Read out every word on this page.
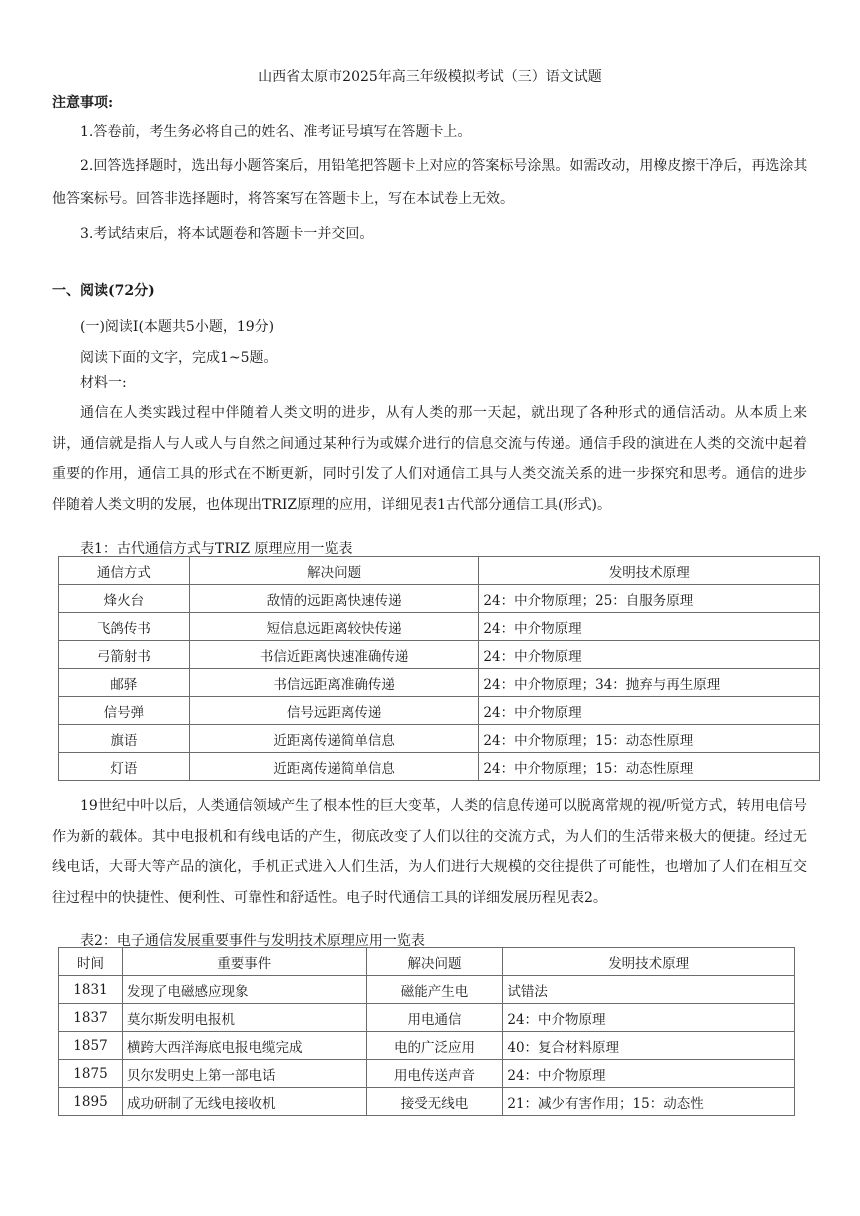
山西省太原市2025年高三年级模拟考试（三）语文试题
注意事项:
1.答卷前，考生务必将自己的姓名、准考证号填写在答题卡上。
2.回答选择题时，选出每小题答案后，用铅笔把答题卡上对应的答案标号涂黑。如需改动，用橡皮擦干净后，再选涂其他答案标号。回答非选择题时，将答案写在答题卡上，写在本试卷上无效。
3.考试结束后，将本试题卷和答题卡一并交回。
一、阅读(72分)
(一)阅读Ⅰ(本题共5小题，19分)
阅读下面的文字，完成1~5题。
材料一:

通信在人类实践过程中伴随着人类文明的进步，从有人类的那一天起，就出现了各种形式的通信活动。从本质上来讲，通信就是指人与人或人与自然之间通过某种行为或媒介进行的信息交流与传递。通信手段的演进在人类的交流中起着重要的作用，通信工具的形式在不断更新，同时引发了人们对通信工具与人类交流关系的进一步探究和思考。通信的进步伴随着人类文明的发展，也体现出TRIZ原理的应用，详细见表1古代部分通信工具(形式)。

表1：古代通信方式与TRIZ 原理应用一览表
通信方式	解决问题	发明技术原理
烽火台	敌情的远距离快速传递	24：中介物原理；25：自服务原理
飞鸽传书	短信息远距离较快传递	24：中介物原理
弓箭射书	书信近距离快速准确传递	24：中介物原理
邮驿	书信远距离准确传递	24：中介物原理；34：抛弃与再生原理
信号弹	信号远距离传递	24：中介物原理
旗语	近距离传递简单信息	24：中介物原理；15：动态性原理
灯语	近距离传递简单信息	24：中介物原理；15：动态性原理

19世纪中叶以后，人类通信领域产生了根本性的巨大变革，人类的信息传递可以脱离常规的视/听觉方式，转用电信号作为新的载体。其中电报机和有线电话的产生，彻底改变了人们以往的交流方式，为人们的生活带来极大的便捷。经过无线电话，大哥大等产品的演化，手机正式进入人们生活，为人们进行大规模的交往提供了可能性，也增加了人们在相互交往过程中的快捷性、便利性、可靠性和舒适性。电子时代通信工具的详细发展历程见表2。

表2：电子通信发展重要事件与发明技术原理应用一览表
时间	重要事件	解决问题	发明技术原理
1831	发现了电磁感应现象	磁能产生电	试错法
1837	莫尔斯发明电报机	用电通信	24：中介物原理
1857	横跨大西洋海底电报电缆完成	电的广泛应用	40：复合材料原理
1875	贝尔发明史上第一部电话	用电传送声音	24：中介物原理
1895	成功研制了无线电接收机	接受无线电	21：减少有害作用；15：动态性
